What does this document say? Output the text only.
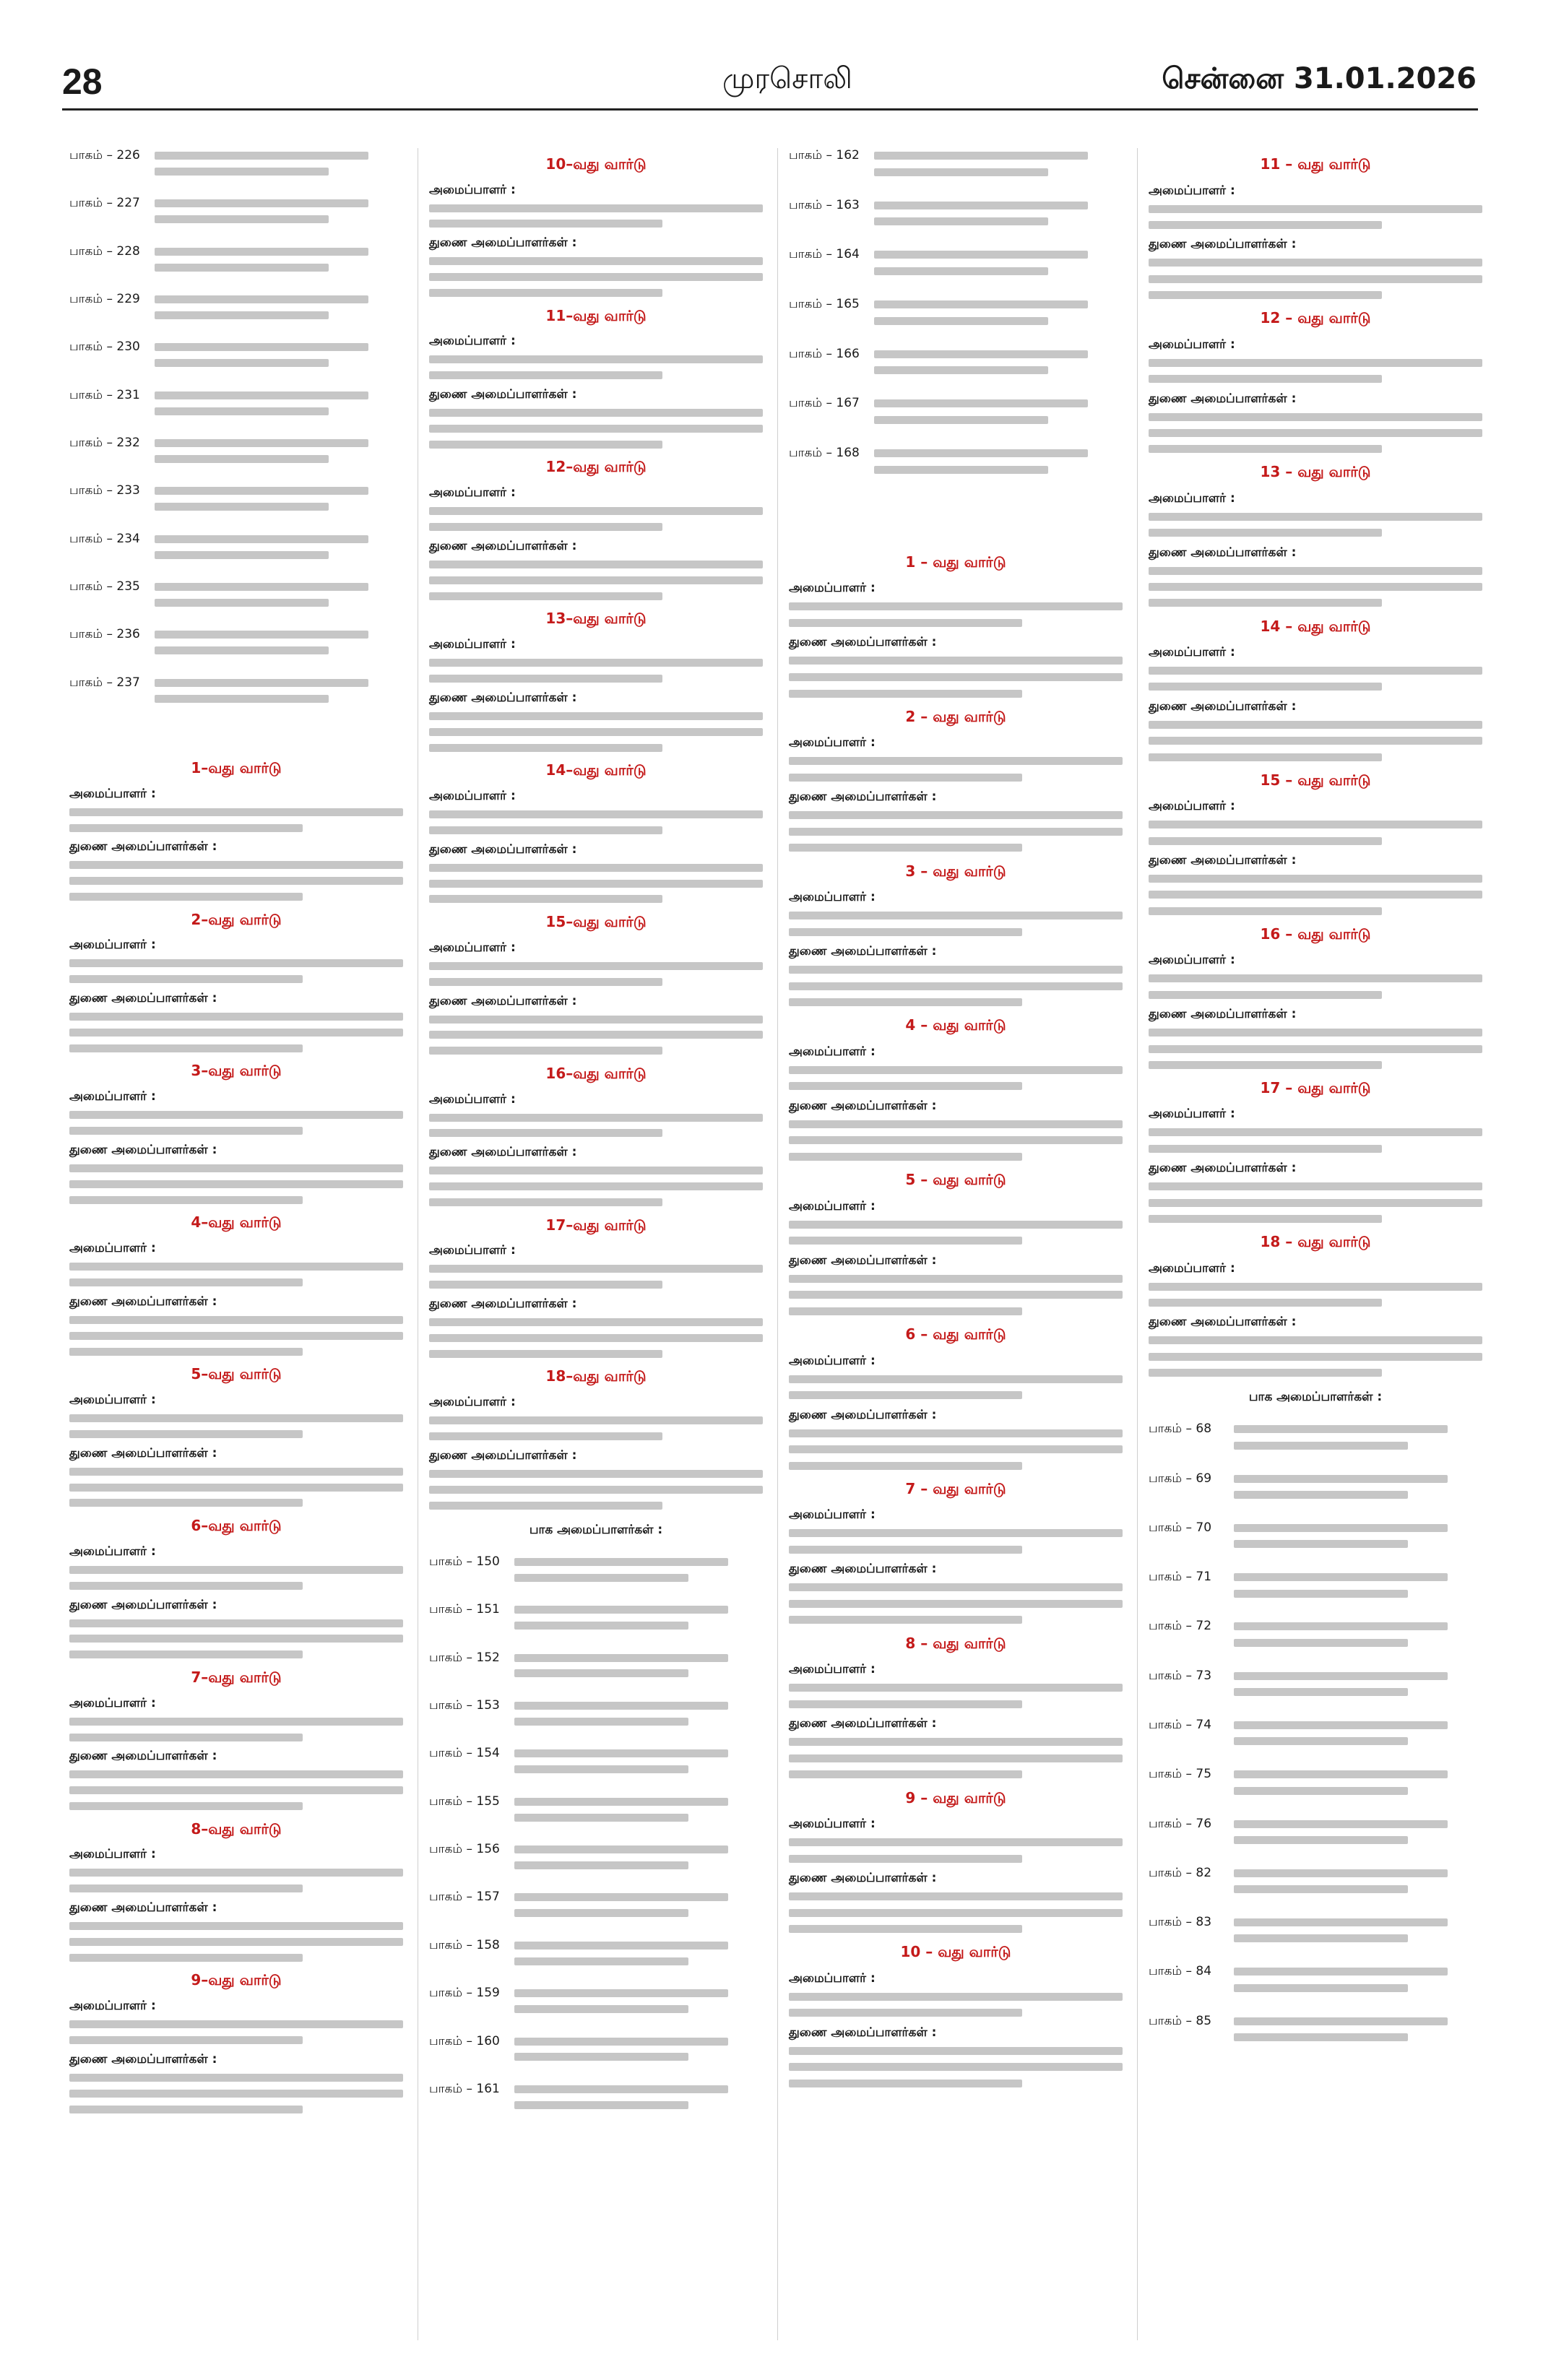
28	முரசொலி	சென்னை 31.01.2026
பாகம் – 226
பாகம் – 227
பாகம் – 228
பாகம் – 229
பாகம் – 230
பாகம் – 231
பாகம் – 232
பாகம் – 233
பாகம் – 234
பாகம் – 235
பாகம் – 236
பாகம் – 237
1–வது வார்டு
அமைப்பாளர் :
துணை அமைப்பாளர்கள் :
2–வது வார்டு
அமைப்பாளர் :
துணை அமைப்பாளர்கள் :
3–வது வார்டு
அமைப்பாளர் :
துணை அமைப்பாளர்கள் :
4–வது வார்டு
அமைப்பாளர் :
துணை அமைப்பாளர்கள் :
5–வது வார்டு
அமைப்பாளர் :
துணை அமைப்பாளர்கள் :
6–வது வார்டு
அமைப்பாளர் :
துணை அமைப்பாளர்கள் :
7–வது வார்டு
அமைப்பாளர் :
துணை அமைப்பாளர்கள் :
8–வது வார்டு
அமைப்பாளர் :
துணை அமைப்பாளர்கள் :
9–வது வார்டு
அமைப்பாளர் :
துணை அமைப்பாளர்கள் :
10–வது வார்டு
அமைப்பாளர் :
துணை அமைப்பாளர்கள் :
11–வது வார்டு
அமைப்பாளர் :
துணை அமைப்பாளர்கள் :
12–வது வார்டு
அமைப்பாளர் :
துணை அமைப்பாளர்கள் :
13–வது வார்டு
அமைப்பாளர் :
துணை அமைப்பாளர்கள் :
14–வது வார்டு
அமைப்பாளர் :
துணை அமைப்பாளர்கள் :
15–வது வார்டு
அமைப்பாளர் :
துணை அமைப்பாளர்கள் :
16–வது வார்டு
அமைப்பாளர் :
துணை அமைப்பாளர்கள் :
17–வது வார்டு
அமைப்பாளர் :
துணை அமைப்பாளர்கள் :
18–வது வார்டு
அமைப்பாளர் :
துணை அமைப்பாளர்கள் :
பாக அமைப்பாளர்கள் :
பாகம் – 150
பாகம் – 151
பாகம் – 152
பாகம் – 153
பாகம் – 154
பாகம் – 155
பாகம் – 156
பாகம் – 157
பாகம் – 158
பாகம் – 159
பாகம் – 160
பாகம் – 161
பாகம் – 162
பாகம் – 163
பாகம் – 164
பாகம் – 165
பாகம் – 166
பாகம் – 167
பாகம் – 168
1 – வது வார்டு
அமைப்பாளர் :
துணை அமைப்பாளர்கள் :
2 – வது வார்டு
அமைப்பாளர் :
துணை அமைப்பாளர்கள் :
3 – வது வார்டு
அமைப்பாளர் :
துணை அமைப்பாளர்கள் :
4 – வது வார்டு
அமைப்பாளர் :
துணை அமைப்பாளர்கள் :
5 – வது வார்டு
அமைப்பாளர் :
துணை அமைப்பாளர்கள் :
6 – வது வார்டு
அமைப்பாளர் :
துணை அமைப்பாளர்கள் :
7 – வது வார்டு
அமைப்பாளர் :
துணை அமைப்பாளர்கள் :
8 – வது வார்டு
அமைப்பாளர் :
துணை அமைப்பாளர்கள் :
9 – வது வார்டு
அமைப்பாளர் :
துணை அமைப்பாளர்கள் :
10 – வது வார்டு
அமைப்பாளர் :
துணை அமைப்பாளர்கள் :
11 – வது வார்டு
அமைப்பாளர் :
துணை அமைப்பாளர்கள் :
12 – வது வார்டு
அமைப்பாளர் :
துணை அமைப்பாளர்கள் :
13 – வது வார்டு
அமைப்பாளர் :
துணை அமைப்பாளர்கள் :
14 – வது வார்டு
அமைப்பாளர் :
துணை அமைப்பாளர்கள் :
15 – வது வார்டு
அமைப்பாளர் :
துணை அமைப்பாளர்கள் :
16 – வது வார்டு
அமைப்பாளர் :
துணை அமைப்பாளர்கள் :
17 – வது வார்டு
அமைப்பாளர் :
துணை அமைப்பாளர்கள் :
18 – வது வார்டு
அமைப்பாளர் :
துணை அமைப்பாளர்கள் :
பாக அமைப்பாளர்கள் :
பாகம் – 68
பாகம் – 69
பாகம் – 70
பாகம் – 71
பாகம் – 72
பாகம் – 73
பாகம் – 74
பாகம் – 75
பாகம் – 76
பாகம் – 82
பாகம் – 83
பாகம் – 84
பாகம் – 85
